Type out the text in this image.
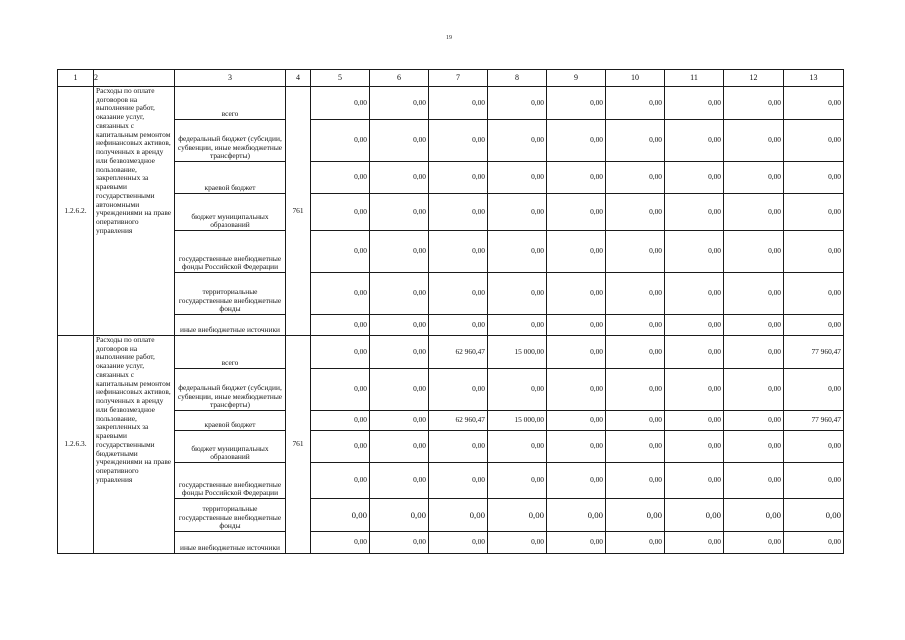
19
1	2	3	4	5	6	7	8	9	10	11	12	13
1.2.6.2.	Расходы по оплате договоров на выполнение работ, оказание услуг, связанных с капитальным ремонтом нефинансовых активов, полученных в аренду или безвозмездное пользование, закрепленных за краевыми государственными автономными учреждениями на праве оперативного управления	всего	761	0,00	0,00	0,00	0,00	0,00	0,00	0,00	0,00	0,00
		федеральный бюджет (субсидии, субвенции, иные межбюджетные трансферты)		0,00	0,00	0,00	0,00	0,00	0,00	0,00	0,00	0,00
		краевой бюджет		0,00	0,00	0,00	0,00	0,00	0,00	0,00	0,00	0,00
		бюджет муниципальных образований		0,00	0,00	0,00	0,00	0,00	0,00	0,00	0,00	0,00
		государственные внебюджетные фонды Российской Федерации		0,00	0,00	0,00	0,00	0,00	0,00	0,00	0,00	0,00
		территориальные государственные внебюджетные фонды		0,00	0,00	0,00	0,00	0,00	0,00	0,00	0,00	0,00
		иные внебюджетные источники		0,00	0,00	0,00	0,00	0,00	0,00	0,00	0,00	0,00
1.2.6.3.	Расходы по оплате договоров на выполнение работ, оказание услуг, связанных с капитальным ремонтом нефинансовых активов, полученных в аренду или безвозмездное пользование, закрепленных за краевыми государственными бюджетными учреждениями на праве оперативного управления	всего	761	0,00	0,00	62 960,47	15 000,00	0,00	0,00	0,00	0,00	77 960,47
		федеральный бюджет (субсидии, субвенции, иные межбюджетные трансферты)		0,00	0,00	0,00	0,00	0,00	0,00	0,00	0,00	0,00
		краевой бюджет		0,00	0,00	62 960,47	15 000,00	0,00	0,00	0,00	0,00	77 960,47
		бюджет муниципальных образований		0,00	0,00	0,00	0,00	0,00	0,00	0,00	0,00	0,00
		государственные внебюджетные фонды Российской Федерации		0,00	0,00	0,00	0,00	0,00	0,00	0,00	0,00	0,00
		территориальные государственные внебюджетные фонды		0,00	0,00	0,00	0,00	0,00	0,00	0,00	0,00	0,00
		иные внебюджетные источники		0,00	0,00	0,00	0,00	0,00	0,00	0,00	0,00	0,00
